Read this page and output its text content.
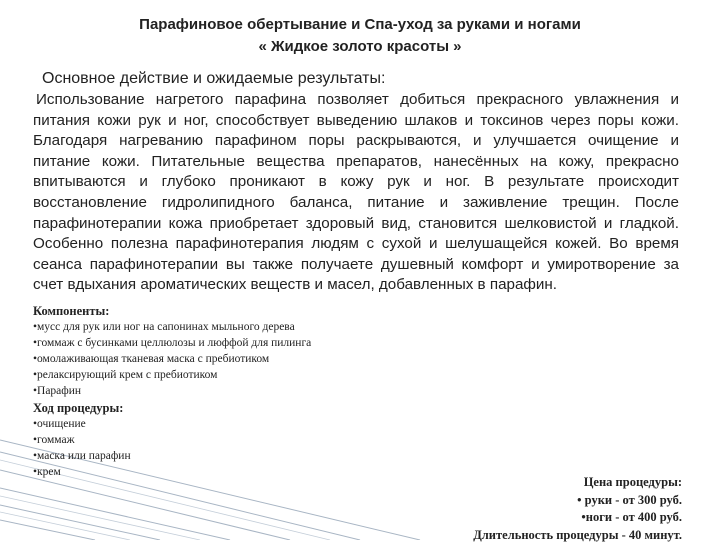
Парафиновое обертывание и Спа-уход за руками и ногами
« Жидкое золото красоты »
Основное действие и ожидаемые результаты:

Использование нагретого парафина позволяет добиться прекрасного увлажнения и питания кожи рук и ног, способствует выведению шлаков и токсинов через поры кожи. Благодаря нагреванию парафином поры раскрываются, и улучшается очищение и питание кожи. Питательные вещества препаратов, нанесённых на кожу, прекрасно впитываются и глубоко проникают в кожу рук и ног. В результате происходит восстановление гидролипидного баланса, питание и заживление трещин. После парафинотерапии кожа приобретает здоровый вид, становится шелковистой и гладкой. Особенно полезна парафинотерапия людям с сухой и шелушащейся кожей. Во время сеанса парафинотерапии вы также получаете душевный комфорт и умиротворение за счет вдыхания ароматических веществ и масел, добавленных в парафин.

Компоненты:
•мусс для рук или ног на сапонинах мыльного дерева
•гоммаж с бусинками целлюлозы и люффой для пилинга
•омолаживающая тканевая маска с пребиотиком
•релаксирующий крем с пребиотиком
•Парафин
Ход процедуры:
•очищение
•гоммаж
•маска или парафин
•крем
Цена процедуры:
• руки - от 300 руб.
•ноги - от 400 руб.
Длительность процедуры - 40 минут.
